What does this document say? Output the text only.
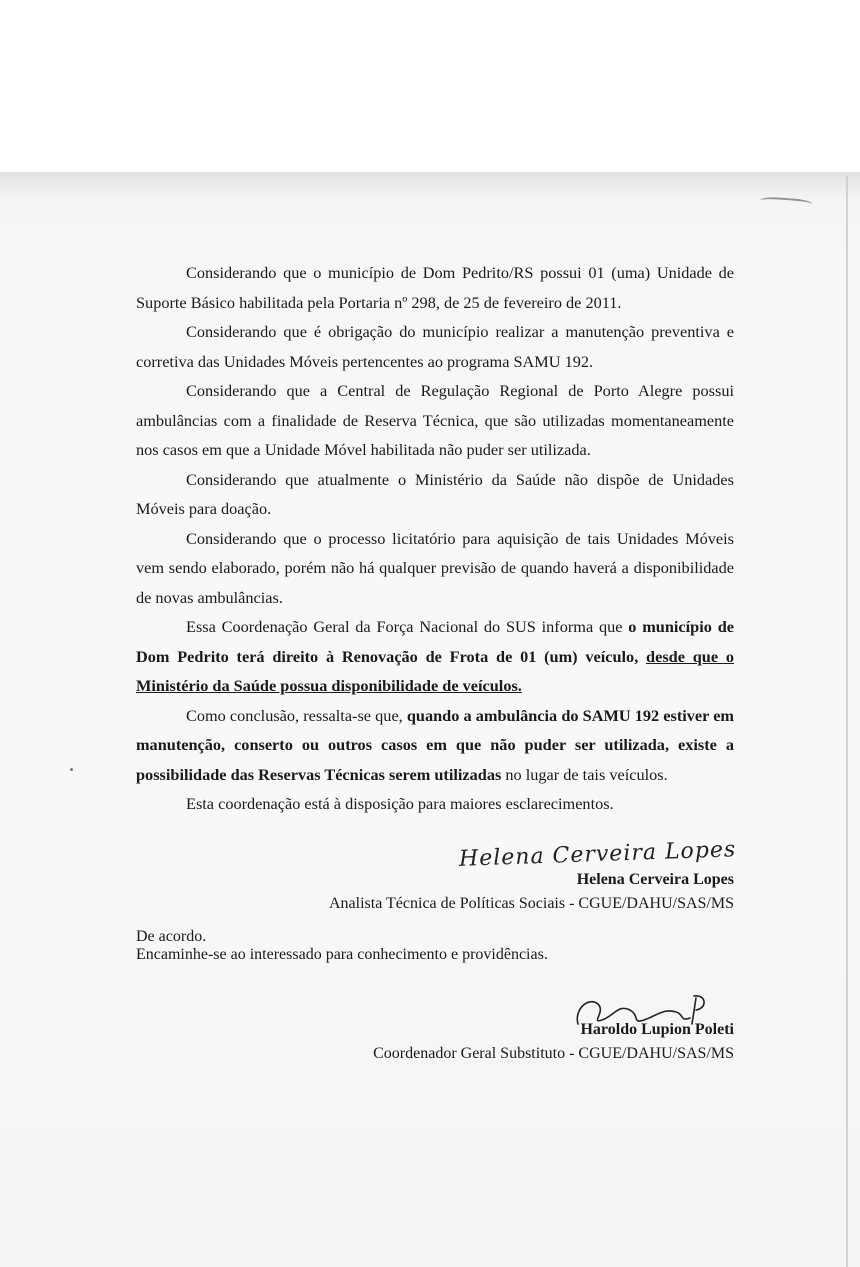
Considerando que o município de Dom Pedrito/RS possui 01 (uma) Unidade de Suporte Básico habilitada pela Portaria nº 298, de 25 de fevereiro de 2011.

Considerando que é obrigação do município realizar a manutenção preventiva e corretiva das Unidades Móveis pertencentes ao programa SAMU 192.

Considerando que a Central de Regulação Regional de Porto Alegre possui ambulâncias com a finalidade de Reserva Técnica, que são utilizadas momentaneamente nos casos em que a Unidade Móvel habilitada não puder ser utilizada.

Considerando que atualmente o Ministério da Saúde não dispõe de Unidades Móveis para doação.

Considerando que o processo licitatório para aquisição de tais Unidades Móveis vem sendo elaborado, porém não há qualquer previsão de quando haverá a disponibilidade de novas ambulâncias.

Essa Coordenação Geral da Força Nacional do SUS informa que o município de Dom Pedrito terá direito à Renovação de Frota de 01 (um) veículo, desde que o Ministério da Saúde possua disponibilidade de veículos.

Como conclusão, ressalta-se que, quando a ambulância do SAMU 192 estiver em manutenção, conserto ou outros casos em que não puder ser utilizada, existe a possibilidade das Reservas Técnicas serem utilizadas no lugar de tais veículos.

Esta coordenação está à disposição para maiores esclarecimentos.

Helena Cerveira Lopes
Helena Cerveira Lopes
Analista Técnica de Políticas Sociais - CGUE/DAHU/SAS/MS
De acordo.
Encaminhe-se ao interessado para conhecimento e providências.
Haroldo Lupion Poleti
Coordenador Geral Substituto - CGUE/DAHU/SAS/MS
